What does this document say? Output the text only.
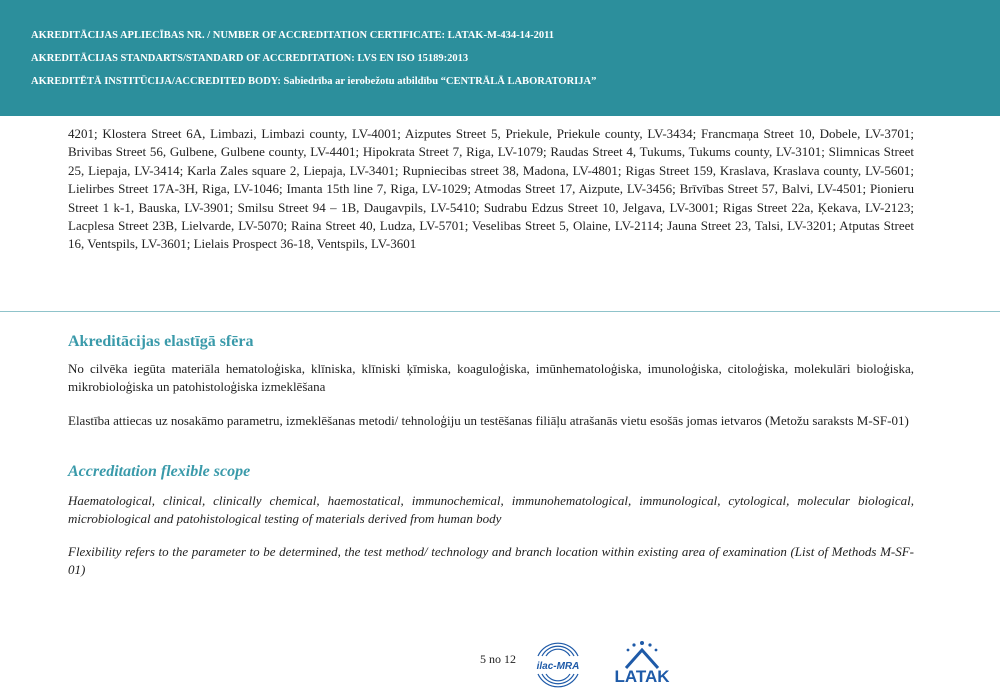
AKREDITĀCIJAS APLIECĪBAS NR. / NUMBER OF ACCREDITATION CERTIFICATE: LATAK-M-434-14-2011
AKREDITĀCIJAS STANDARTS/STANDARD OF ACCREDITATION: LVS EN ISO 15189:2013
AKREDITĒTĀ INSTITŪCIJA/ACCREDITED BODY: Sabiedrība ar ierobežotu atbildību “CENTRĀLĀ LABORATORIJA”
4201; Klostera Street 6A, Limbazi, Limbazi county, LV-4001; Aizputes Street 5, Priekule, Priekule county, LV-3434; Francmaņa Street 10, Dobele, LV-3701; Brivibas Street 56, Gulbene, Gulbene county, LV-4401; Hipokrata Street 7, Riga, LV-1079; Raudas Street 4, Tukums, Tukums county, LV-3101; Slimnicas Street 25, Liepaja, LV-3414; Karla Zales square 2, Liepaja, LV-3401; Rupniecibas street 38, Madona, LV-4801; Rigas Street 159, Kraslava, Kraslava county, LV-5601; Lielirbes Street 17A-3H, Riga, LV-1046; Imanta 15th line 7, Riga, LV-1029; Atmodas Street 17, Aizpute, LV-3456; Brīvības Street 57, Balvi, LV-4501; Pionieru Street 1 k-1, Bauska, LV-3901; Smilsu Street 94 – 1B, Daugavpils, LV-5410; Sudrabu Edzus Street 10, Jelgava, LV-3001; Rigas Street 22a, Ķekava, LV-2123; Lacplesa Street 23B, Lielvarde, LV-5070; Raina Street 40, Ludza, LV-5701; Veselibas Street 5, Olaine, LV-2114; Jauna Street 23, Talsi, LV-3201; Atputas Street 16, Ventspils, LV-3601; Lielais Prospect 36-18, Ventspils, LV-3601
Akreditācijas elastīgā sfēra
No cilvēka iegūta materiāla hematoloģiska, klīniska, klīniski ķīmiska, koagulоģiska, imūnhematoloģiska, imunoloģiska, citoloģiska, molekulāri bioloģiska, mikrobioloģiska un patohistoloģiska izmeklēšana
Elastība attiecas uz nosakāmo parametru, izmeklēšanas metodi/ tehnoloģiju un testēšanas filiāļu atrašanās vietu esošās jomas ietvaros (Metožu saraksts M-SF-01)
Accreditation flexible scope
Haematological, clinical, clinically chemical, haemostatical, immunochemical, immunohematological, immunological, cytological, molecular biological, microbiological and patohistological testing of materials derived from human body
Flexibility refers to the parameter to be determined, the test method/ technology and branch location within existing area of examination (List of Methods M-SF-01)
5 no 12
ilac-MRA
LATAK
